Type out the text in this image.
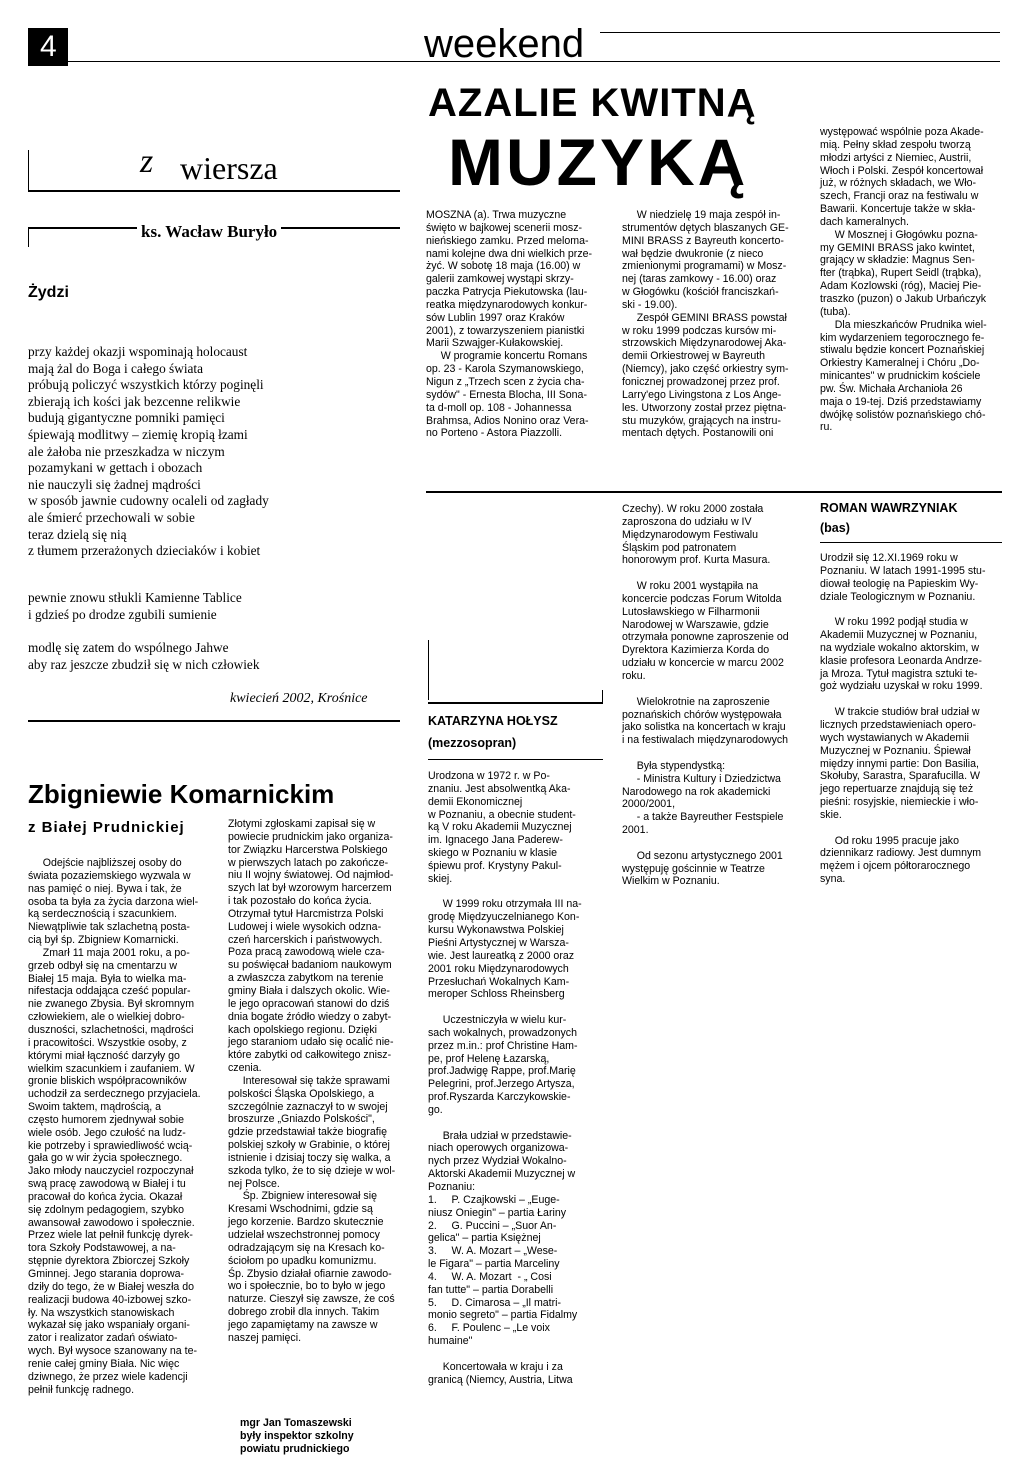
4	weekend
z wiersza
ks. Wacław Buryło
Żydzi
przy każdej okazji wspominają holocaust
mają żal do Boga i całego świata
próbują policzyć wszystkich którzy poginęli
zbierają ich kości jak bezcenne relikwie
budują gigantyczne pomniki pamięci
śpiewają modlitwy – ziemię kropią łzami
ale żałoba nie przeszkadza w niczym
pozamykani w gettach i obozach
nie nauczyli się żadnej mądrości
w sposób jawnie cudowny ocaleli od zagłady
ale śmierć przechowali w sobie
teraz dzielą się nią
z tłumem przerażonych dzieciaków i kobiet
pewnie znowu stłukli Kamienne Tablice
i gdzieś po drodze zgubili sumienie
modlę się zatem do wspólnego Jahwe
aby raz jeszcze zbudził się w nich człowiek
kwiecień 2002, Krośnice
AZALIE KWITNĄ
MUZYKĄ
MOSZNA (a). Trwa muzyczne
święto w bajkowej scenerii mosz-
nieńskiego zamku. Przed meloma-
nami kolejne dwa dni wielkich prze-
żyć. W sobotę 18 maja (16.00) w
galerii zamkowej wystąpi skrzy-
paczka Patrycja Piekutowska (lau-
reatka międzynarodowych konkur-
sów Lublin 1997 oraz Kraków
2001), z towarzyszeniem pianistki
Marii Szwajger-Kułakowskiej.
W programie koncertu Romans
op. 23 - Karola Szymanowskiego,
Nigun z „Trzech scen z życia cha-
sydów" - Ernesta Blocha, III Sona-
ta d-moll op. 108 - Johannessa
Brahmsa, Adios Nonino oraz Vera-
no Porteno - Astora Piazzolli.
W niedzielę 19 maja zespół in-
strumentów dętych blaszanych GE-
MINI BRASS z Bayreuth koncerto-
wał będzie dwukronie (z nieco
zmienionymi programami) w Mosz-
nej (taras zamkowy - 16.00) oraz
w Głogówku (kościół franciszkań-
ski - 19.00).
Zespół GEMINI BRASS powstał
w roku 1999 podczas kursów mi-
strzowskich Międzynarodowej Aka-
demii Orkiestrowej w Bayreuth
(Niemcy), jako część orkiestry sym-
fonicznej prowadzonej przez prof.
Larry'ego Livingstona z Los Ange-
les. Utworzony został przez piętna-
stu muzyków, grających na instru-
mentach dętych. Postanowili oni
występować wspólnie poza Akade-
mią. Pełny skład zespołu tworzą
młodzi artyści z Niemiec, Austrii,
Włoch i Polski. Zespół koncertował
już, w różnych składach, we Wło-
szech, Francji oraz na festiwalu w
Bawarii. Koncertuje także w skła-
dach kameralnych.
W Mosznej i Głogówku pozna-
my GEMINI BRASS jako kwintet,
grający w składzie: Magnus Sen-
fter (trąbka), Rupert Seidl (trąbka),
Adam Kozlowski (róg), Maciej Pie-
traszko (puzon) o Jakub Urbańczyk
(tuba).
Dla mieszkańców Prudnika wiel-
kim wydarzeniem tegorocznego fe-
stiwalu będzie koncert Poznańskiej
Orkiestry Kameralnej i Chóru „Do-
minicantes" w prudnickim kościele
pw. Św. Michała Archanioła 26
maja o 19-tej. Dziś przedstawiamy
dwójkę solistów poznańskiego chó-
ru.
Zbigniewie Komarnickim
z Białej Prudnickiej
Odejście najbliższej osoby do
świata pozaziemskiego wyzwala w
nas pamięć o niej. Bywa i tak, że
osoba ta była za życia darzona wiel-
ką serdecznością i szacunkiem.
Niewątpliwie tak szlachetną posta-
cią był śp. Zbigniew Komarnicki.
Zmarł 11 maja 2001 roku, a po-
grzeb odbył się na cmentarzu w
Białej 15 maja. Była to wielka ma-
nifestacja oddająca cześć popular-
nie zwanego Zbysia. Był skromnym
człowiekiem, ale o wielkiej dobro-
duszności, szlachetności, mądrości
i pracowitości. Wszystkie osoby, z
którymi miał łączność darzyły go
wielkim szacunkiem i zaufaniem. W
gronie bliskich współpracowników
uchodził za serdecznego przyjaciela.
Swoim taktem, mądrością, a
często humorem zjednywał sobie
wiele osób. Jego czułość na ludz-
kie potrzeby i sprawiedliwość wcią-
gała go w wir życia społecznego.
Jako młody nauczyciel rozpoczynał
swą pracę zawodową w Białej i tu
pracował do końca życia. Okazał
się zdolnym pedagogiem, szybko
awansował zawodowo i społecznie.
Przez wiele lat pełnił funkcję dyrek-
tora Szkoły Podstawowej, a na-
stępnie dyrektora Zbiorczej Szkoły
Gminnej. Jego starania doprowa-
dziły do tego, że w Białej weszła do
realizacji budowa 40-izbowej szko-
ły. Na wszystkich stanowiskach
wykazał się jako wspaniały organi-
zator i realizator zadań oświato-
wych. Był wysoce szanowany na te-
renie całej gminy Biała. Nic więc
dziwnego, że przez wiele kadencji
pełnił funkcję radnego.
Złotymi zgłoskami zapisał się w
powiecie prudnickim jako organiza-
tor Związku Harcerstwa Polskiego
w pierwszych latach po zakończe-
niu II wojny światowej. Od najmłod-
szych lat był wzorowym harcerzem
i tak pozostało do końca życia.
Otrzymał tytuł Harcmistrza Polski
Ludowej i wiele wysokich odzna-
czeń harcerskich i państwowych.
Poza pracą zawodową wiele cza-
su poświęcał badaniom naukowym
a zwłaszcza zabytkom na terenie
gminy Biała i dalszych okolic. Wie-
le jego opracowań stanowi do dziś
dnia bogate źródło wiedzy o zabyt-
kach opolskiego regionu. Dzięki
jego staraniom udało się ocalić nie-
które zabytki od całkowitego znisz-
czenia.
Interesował się także sprawami
polskości Śląska Opolskiego, a
szczególnie zaznaczył to w swojej
broszurze „Gniazdo Polskości",
gdzie przedstawiał także biografię
polskiej szkoły w Grabinie, o której
istnienie i dzisiaj toczy się walka, a
szkoda tylko, że to się dzieje w wol-
nej Polsce.
Śp. Zbigniew interesował się
Kresami Wschodnimi, gdzie są
jego korzenie. Bardzo skutecznie
udzielał wszechstronnej pomocy
odradzającym się na Kresach ko-
ściołom po upadku komunizmu.
Śp. Zbysio działał ofiarnie zawodo-
wo i społecznie, bo to było w jego
naturze. Cieszył się zawsze, że coś
dobrego zrobił dla innych. Takim
jego zapamiętamy na zawsze w
naszej pamięci.
mgr Jan Tomaszewski
były inspektor szkolny
powiatu prudnickiego
KATARZYNA HOŁYSZ
(mezzosopran)
Urodzona w 1972 r. w Po-
znaniu. Jest absolwentką Aka-
demii Ekonomicznej
w Poznaniu, a obecnie student-
ką V roku Akademii Muzycznej
im. Ignacego Jana Paderew-
skiego w Poznaniu w klasie
śpiewu prof. Krystyny Pakul-
skiej.

W 1999 roku otrzymała III na-
grodę Międzyuczelnianego Kon-
kursu Wykonawstwa Polskiej
Pieśni Artystycznej w Warsza-
wie. Jest laureatką z 2000 oraz
2001 roku Międzynarodowych
Przesłuchań Wokalnych Kam-
meroper Schloss Rheinsberg

Uczestniczyła w wielu kur-
sach wokalnych, prowadzonych
przez m.in.: prof Christine Ham-
pe, prof Helenę Łazarską,
prof.Jadwigę Rappe, prof.Marię
Pelegrini, prof.Jerzego Artysza,
prof.Ryszarda Karczykowskie-
go.

Brała udział w przedstawie-
niach operowych organizowa-
nych przez Wydział Wokalno-
Aktorski Akademii Muzycznej w
Poznaniu:
1.     P. Czajkowski – „Euge-
niusz Oniegin" – partia Łariny
2.     G. Puccini – „Suor An-
gelica" – partia Księżnej
3.     W. A. Mozart – „Wese-
le Figara" – partia Marceliny
4.     W. A. Mozart  - „ Cosi
fan tutte" – partia Dorabelli
5.     D. Cimarosa – „Il matri-
monio segreto" – partia Fidalmy
6.     F. Poulenc – „Le voix
humaine"

Koncertowała w kraju i za
granicą (Niemcy, Austria, Litwa
Czechy). W roku 2000 została
zaproszona do udziału w IV
Międzynarodowym Festiwalu
Śląskim pod patronatem
honorowym prof. Kurta Masura.

W roku 2001 wystąpiła na
koncercie podczas Forum Witolda
Lutosławskiego w Filharmonii
Narodowej w Warszawie, gdzie
otrzymała ponowne zaproszenie od
Dyrektora Kazimierza Korda do
udziału w koncercie w marcu 2002
roku.

Wielokrotnie na zaproszenie
poznańskich chórów występowała
jako solistka na koncertach w kraju
i na festiwalach międzynarodowych

Była stypendystką:
- Ministra Kultury i Dziedzictwa
Narodowego na rok akademicki
2000/2001,
- a także Bayreuther Festspiele
2001.

Od sezonu artystycznego 2001
występuję gościnnie w Teatrze
Wielkim w Poznaniu.
ROMAN WAWRZYNIAK
(bas)
Urodził się 12.XI.1969 roku w
Poznaniu. W latach 1991-1995 stu-
diował teologię na Papieskim Wy-
dziale Teologicznym w Poznaniu.

W roku 1992 podjął studia w
Akademii Muzycznej w Poznaniu,
na wydziale wokalno aktorskim, w
klasie profesora Leonarda Andrze-
ja Mroza. Tytuł magistra sztuki te-
goż wydziału uzyskał w roku 1999.

W trakcie studiów brał udział w
licznych przedstawieniach opero-
wych wystawianych w Akademii
Muzycznej w Poznaniu. Śpiewał
między innymi partie: Don Basilia,
Skołuby, Sarastra, Sparafucilla. W
jego repertuarze znajdują się też
pieśni: rosyjskie, niemieckie i wło-
skie.

Od roku 1995 pracuje jako
dziennikarz radiowy. Jest dumnym
mężem i ojcem półtorarocznego
syna.
